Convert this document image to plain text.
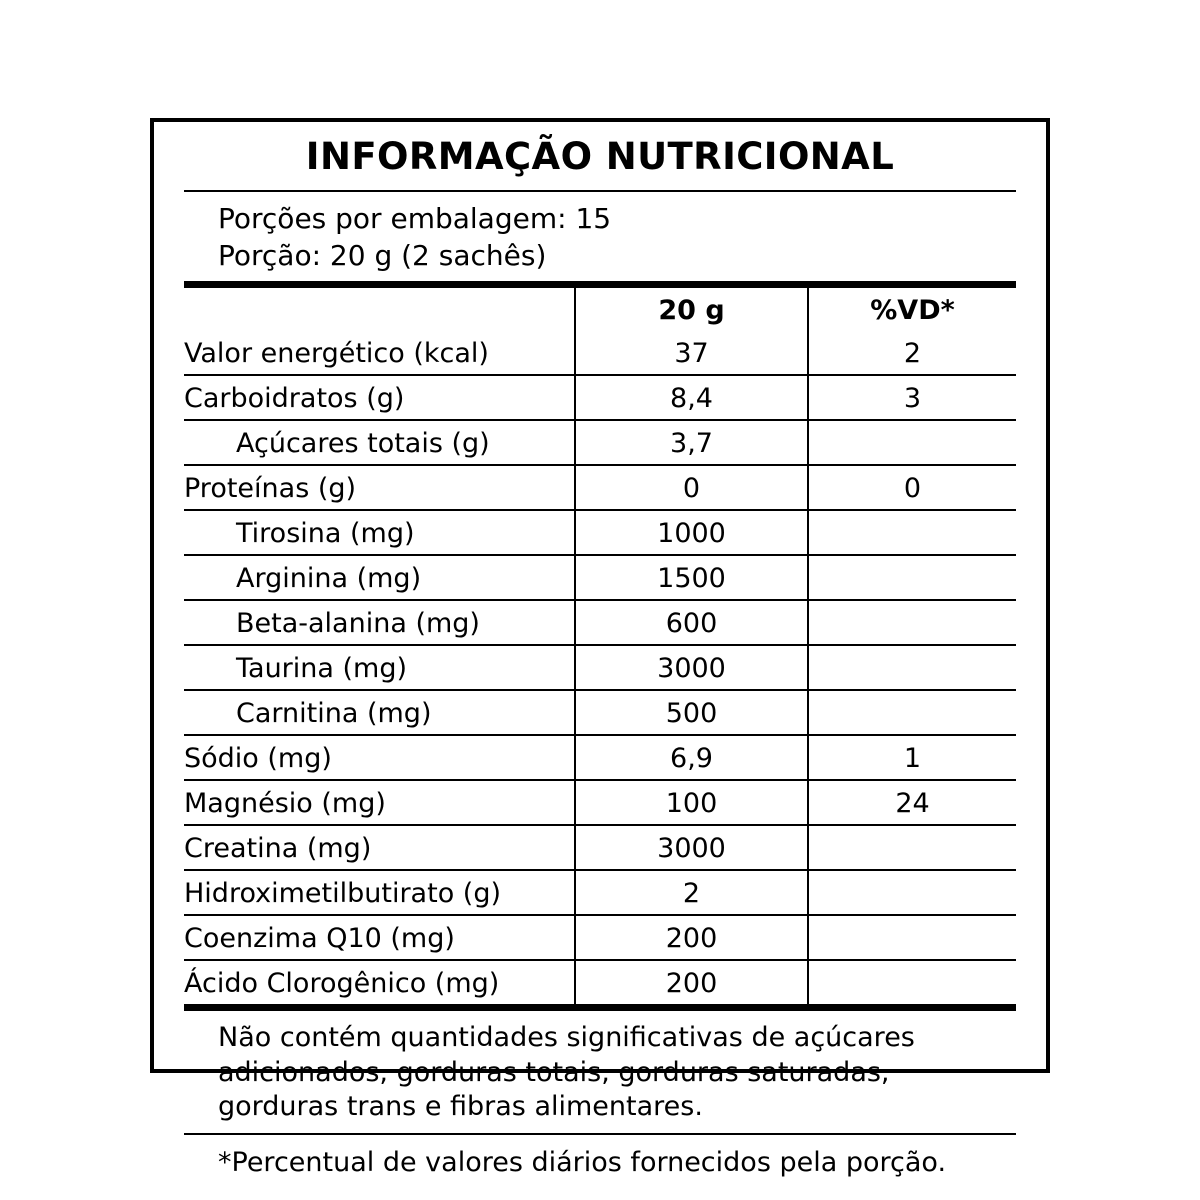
INFORMAÇÃO NUTRICIONAL
Porções por embalagem: 15
Porção: 20 g (2 sachês)
	20 g	%VD*
Valor energético (kcal)	37	2
Carboidratos (g)	8,4	3
Açúcares totais (g)	3,7	
Proteínas (g)	0	0
Tirosina (mg)	1000	
Arginina (mg)	1500	
Beta-alanina (mg)	600	
Taurina (mg)	3000	
Carnitina (mg)	500	
Sódio (mg)	6,9	1
Magnésio (mg)	100	24
Creatina (mg)	3000	
Hidroximetilbutirato (g)	2	
Coenzima Q10 (mg)	200	
Ácido Clorogênico (mg)	200	

Não contém quantidades significativas de açúcares adicionados, gorduras totais, gorduras saturadas, gorduras trans e fibras alimentares.

*Percentual de valores diários fornecidos pela porção.
